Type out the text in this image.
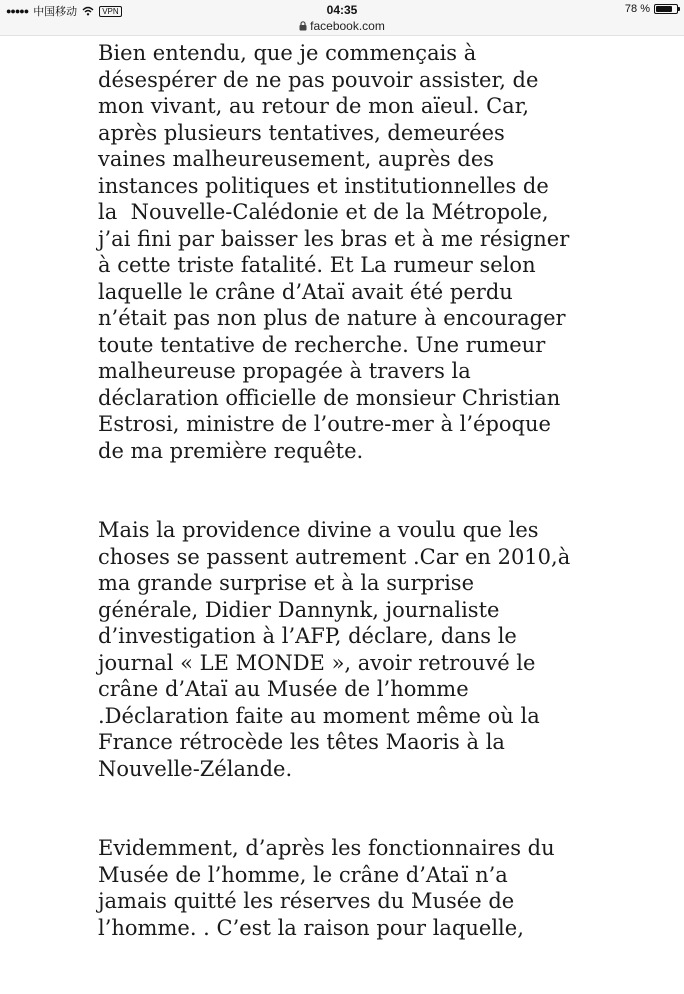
●●●●● 中国移动	VPN	04:35	78 %
facebook.com

Bien entendu, que je commençais à
désespérer de ne pas pouvoir assister, de
mon vivant, au retour de mon aïeul. Car,
après plusieurs tentatives, demeurées
vaines malheureusement, auprès des
instances politiques et institutionnelles de
la  Nouvelle-Calédonie et de la Métropole,
j’ai fini par baisser les bras et à me résigner
à cette triste fatalité. Et La rumeur selon
laquelle le crâne d’Ataï avait été perdu
n’était pas non plus de nature à encourager
toute tentative de recherche. Une rumeur
malheureuse propagée à travers la
déclaration officielle de monsieur Christian
Estrosi, ministre de l’outre-mer à l’époque
de ma première requête.

Mais la providence divine a voulu que les
choses se passent autrement .Car en 2010,à
ma grande surprise et à la surprise
générale, Didier Dannynk, journaliste
d’investigation à l’AFP, déclare, dans le
journal « LE MONDE », avoir retrouvé le
crâne d’Ataï au Musée de l’homme
.Déclaration faite au moment même où la
France rétrocède les têtes Maoris à la
Nouvelle-Zélande.

Evidemment, d’après les fonctionnaires du
Musée de l’homme, le crâne d’Ataï n’a
jamais quitté les réserves du Musée de
l’homme. . C’est la raison pour laquelle,
